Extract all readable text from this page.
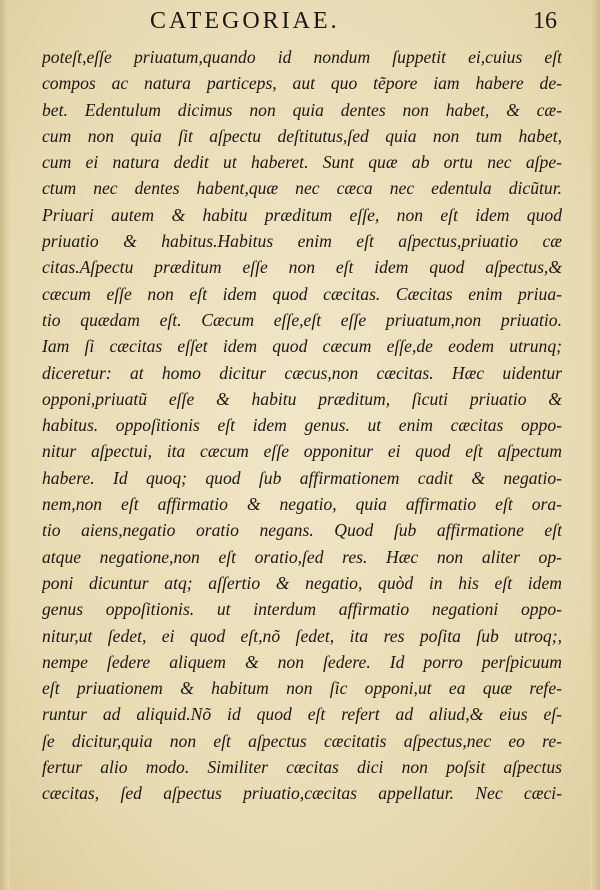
CATEGORIAE.	16
poteſt,eſſe priuatum,quando id nondum ſuppetit ei,cuius eſt
compos ac natura particeps, aut quo tẽpore iam habere de-
bet. Edentulum dicimus non quia dentes non habet, & cæ-
cum non quia ſit aſpectu deſtitutus,ſed quia non tum habet,
cum ei natura dedit ut haberet. Sunt quæ ab ortu nec aſpe-
ctum nec dentes habent,quæ nec cæca nec edentula dicũtur.
Priuari autem & habitu præditum eſſe, non eſt idem quod
priuatio & habitus.Habitus enim eſt aſpectus,priuatio cæ
citas.Aſpectu præditum eſſe non eſt idem quod aſpectus,&
cæcum eſſe non eſt idem quod cæcitas. Cæcitas enim priua-
tio quædam eſt. Cæcum eſſe,eſt eſſe priuatum,non priuatio.
Iam ſi cæcitas eſſet idem quod cæcum eſſe,de eodem utrunq;
diceretur: at homo dicitur cæcus,non cæcitas. Hæc uidentur
opponi,priuatũ eſſe & habitu præditum, ſicuti priuatio &
habitus. oppoſitionis eſt idem genus. ut enim cæcitas oppo-
nitur aſpectui, ita cæcum eſſe opponitur ei quod eſt aſpectum
habere. Id quoq; quod ſub affirmationem cadit & negatio-
nem,non eſt affirmatio & negatio, quia affirmatio eſt ora-
tio aiens,negatio oratio negans. Quod ſub affirmatione eſt
atque negatione,non eſt oratio,ſed res. Hæc non aliter op-
poni dicuntur atq; aſſertio & negatio, quòd in his eſt idem
genus oppoſitionis. ut interdum affirmatio negationi oppo-
nitur,ut ſedet, ei quod eſt,nõ ſedet, ita res poſita ſub utroq;,
nempe ſedere aliquem & non ſedere. Id porro perſpicuum
eſt priuationem & habitum non ſic opponi,ut ea quæ refe-
runtur ad aliquid.Nõ id quod eſt refert ad aliud,& eius eſ-
ſe dicitur,quia non eſt aſpectus cæcitatis aſpectus,nec eo re-
fertur alio modo. Similiter cæcitas dici non poſsit aſpectus
cæcitas, ſed aſpectus priuatio,cæcitas appellatur. Nec cæci-
